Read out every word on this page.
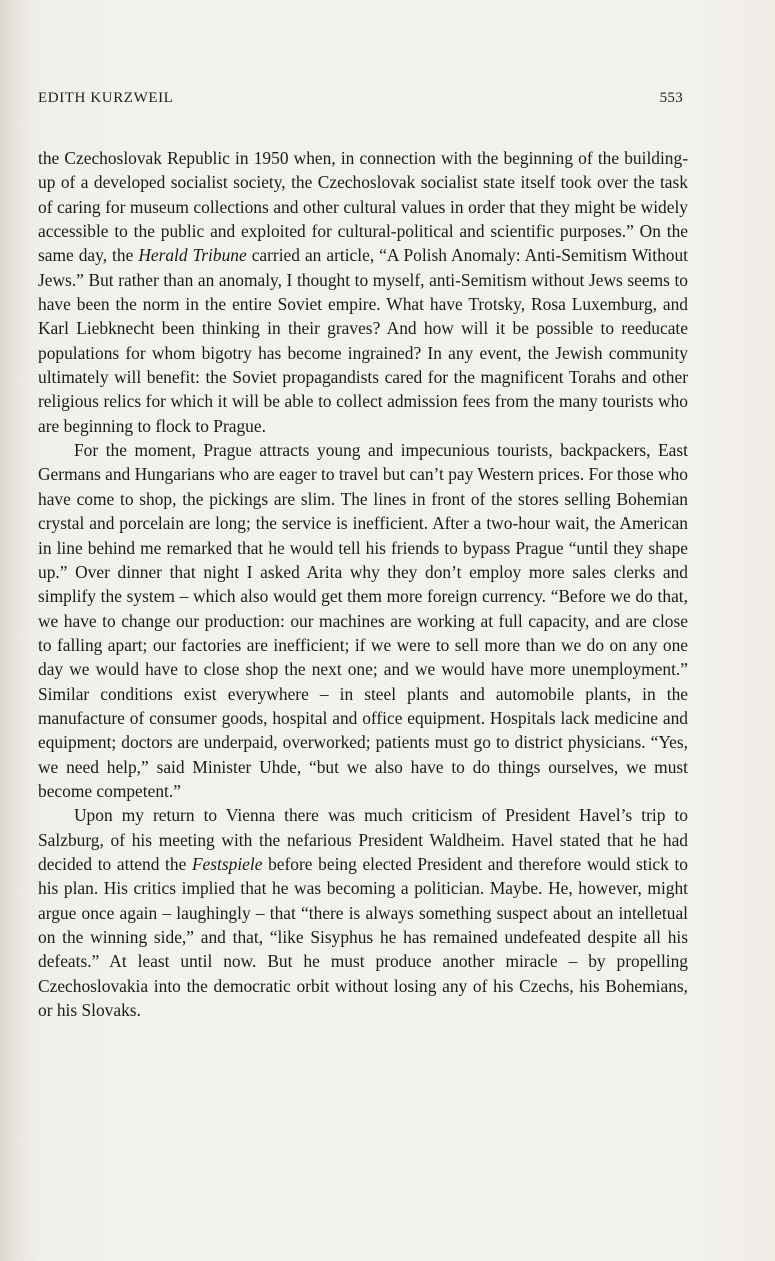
EDITH KURZWEIL	553

the Czechoslovak Republic in 1950 when, in connection with the beginning of the building-up of a developed socialist society, the Czechoslovak socialist state itself took over the task of caring for museum collections and other cultural values in order that they might be widely accessible to the public and exploited for cultural-political and scientific purposes.” On the same day, the Herald Tribune carried an article, “A Polish Anomaly: Anti-Semitism Without Jews.” But rather than an anomaly, I thought to myself, anti-Semitism without Jews seems to have been the norm in the entire Soviet empire. What have Trotsky, Rosa Luxemburg, and Karl Liebknecht been thinking in their graves? And how will it be possible to reeducate populations for whom bigotry has become ingrained? In any event, the Jewish community ultimately will benefit: the Soviet propagandists cared for the magnificent Torahs and other religious relics for which it will be able to collect admission fees from the many tourists who are beginning to flock to Prague.

For the moment, Prague attracts young and impecunious tourists, backpackers, East Germans and Hungarians who are eager to travel but can’t pay Western prices. For those who have come to shop, the pickings are slim. The lines in front of the stores selling Bohemian crystal and porcelain are long; the service is inefficient. After a two-hour wait, the American in line behind me remarked that he would tell his friends to bypass Prague “until they shape up.” Over dinner that night I asked Arita why they don’t employ more sales clerks and simplify the system – which also would get them more foreign currency. “Before we do that, we have to change our production: our machines are working at full capacity, and are close to falling apart; our factories are inefficient; if we were to sell more than we do on any one day we would have to close shop the next one; and we would have more unemployment.” Similar conditions exist everywhere – in steel plants and automobile plants, in the manufacture of consumer goods, hospital and office equipment. Hospitals lack medicine and equipment; doctors are underpaid, overworked; patients must go to district physicians. “Yes, we need help,” said Minister Uhde, “but we also have to do things ourselves, we must become competent.”

Upon my return to Vienna there was much criticism of President Havel’s trip to Salzburg, of his meeting with the nefarious President Waldheim. Havel stated that he had decided to attend the Festspiele before being elected President and therefore would stick to his plan. His critics implied that he was becoming a politician. Maybe. He, however, might argue once again – laughingly – that “there is always something suspect about an intelletual on the winning side,” and that, “like Sisyphus he has remained undefeated despite all his defeats.” At least until now. But he must produce another miracle – by propelling Czechoslovakia into the democratic orbit without losing any of his Czechs, his Bohemians, or his Slovaks.
